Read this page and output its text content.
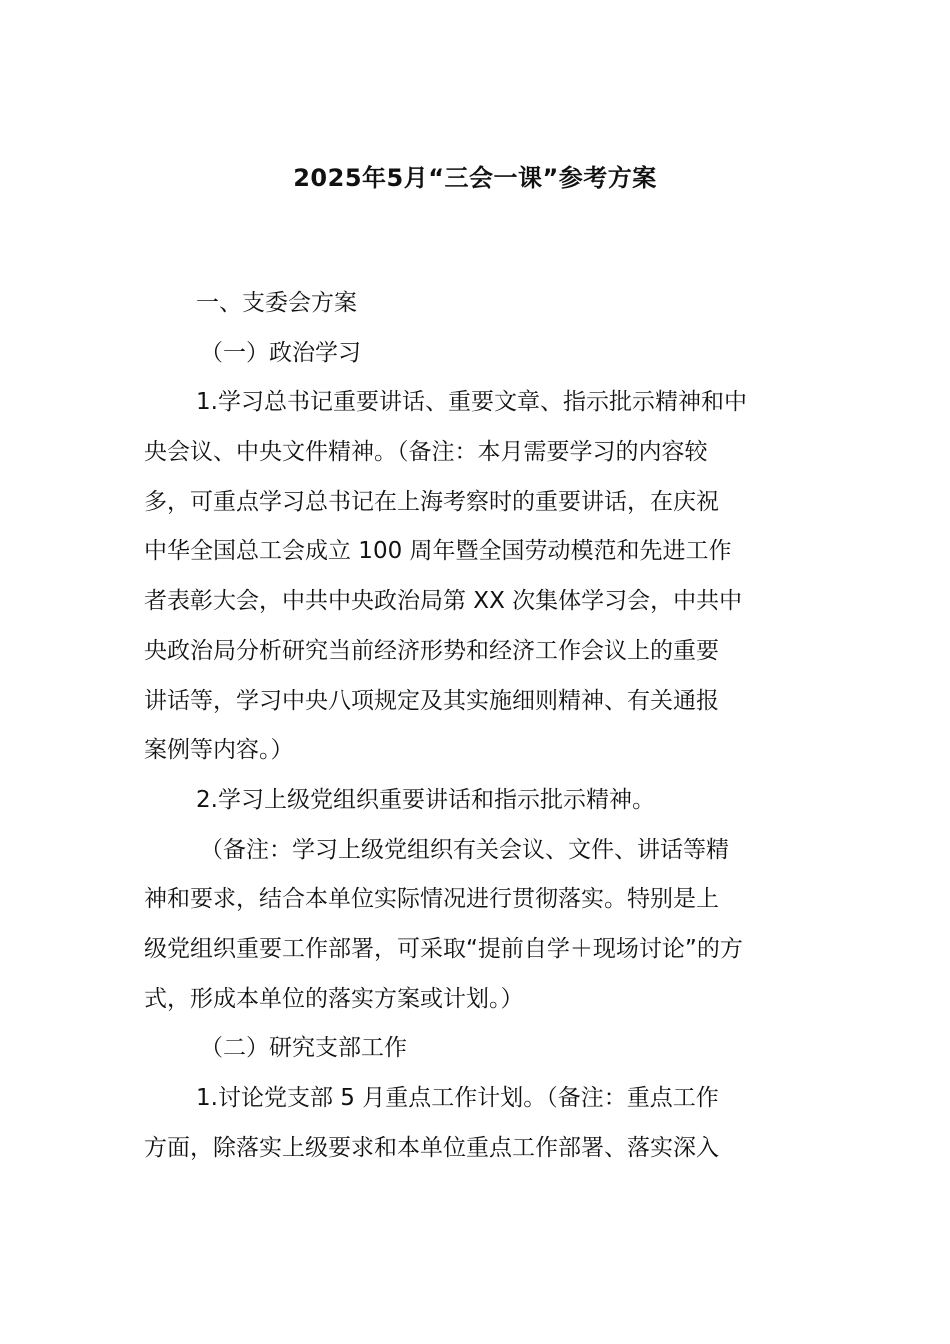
2025年5月“三会一课”参考方案
一、支委会方案
（一）政治学习
1.学习总书记重要讲话、重要文章、指示批示精神和中
央会议、中央文件精神。（备注：本月需要学习的内容较
多，可重点学习总书记在上海考察时的重要讲话，在庆祝
中华全国总工会成立 100 周年暨全国劳动模范和先进工作
者表彰大会，中共中央政治局第 XX 次集体学习会，中共中
央政治局分析研究当前经济形势和经济工作会议上的重要
讲话等，学习中央八项规定及其实施细则精神、有关通报
案例等内容。）
2.学习上级党组织重要讲话和指示批示精神。
（备注：学习上级党组织有关会议、文件、讲话等精
神和要求，结合本单位实际情况进行贯彻落实。特别是上
级党组织重要工作部署，可采取“提前自学＋现场讨论”的方
式，形成本单位的落实方案或计划。）
（二）研究支部工作
1.讨论党支部 5 月重点工作计划。（备注：重点工作
方面，除落实上级要求和本单位重点工作部署、落实深入
